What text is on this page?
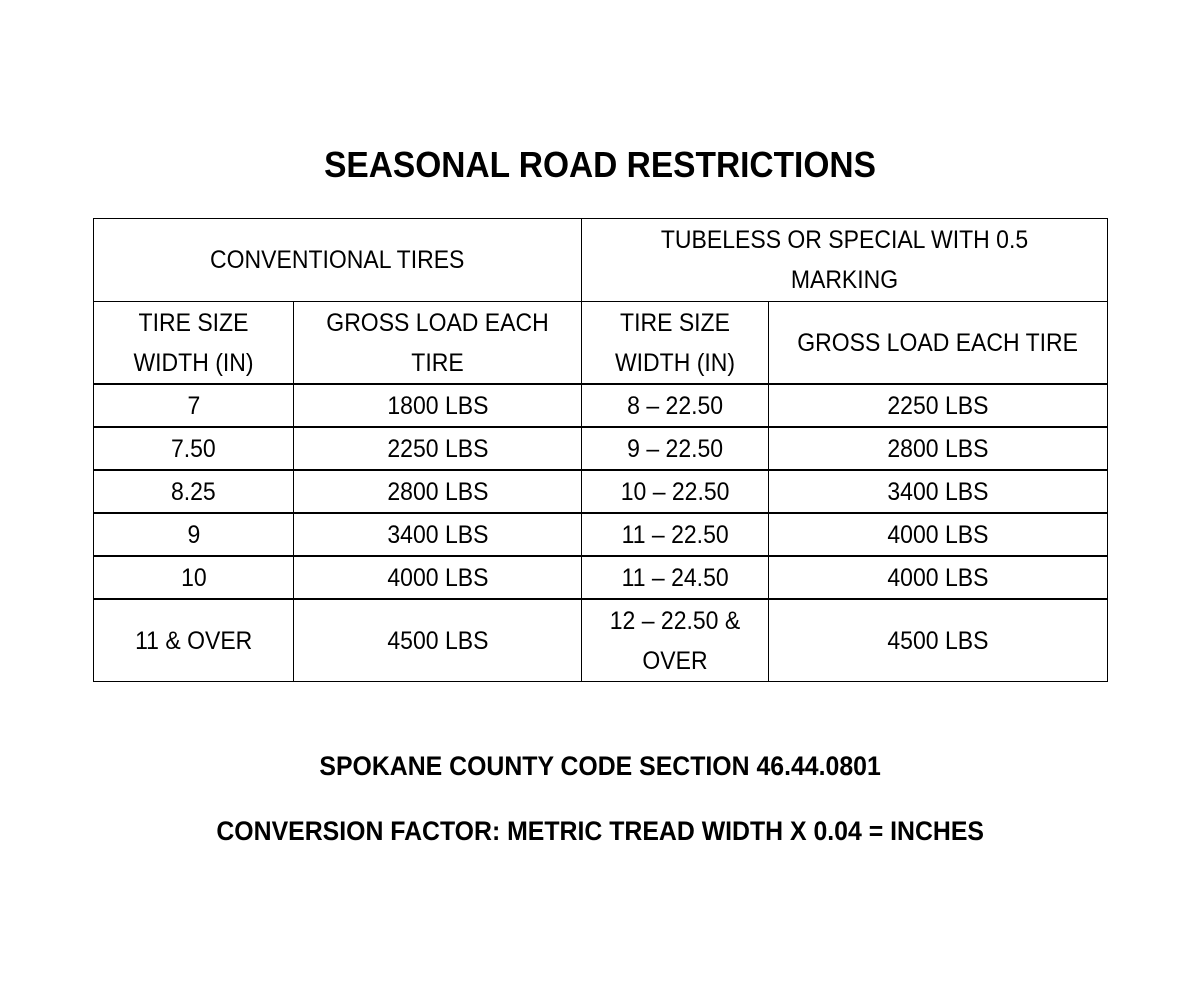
SEASONAL ROAD RESTRICTIONS
CONVENTIONAL TIRES		TUBELESS OR SPECIAL WITH 0.5 MARKING	
TIRE SIZE WIDTH (IN)	GROSS LOAD EACH TIRE	TIRE SIZE WIDTH (IN)	GROSS LOAD EACH TIRE
7	1800 LBS	8 – 22.50	2250 LBS
7.50	2250 LBS	9 – 22.50	2800 LBS
8.25	2800 LBS	10 – 22.50	3400 LBS
9	3400 LBS	11 – 22.50	4000 LBS
10	4000 LBS	11 – 24.50	4000 LBS
11 & OVER	4500 LBS	12 – 22.50 & OVER	4500 LBS
SPOKANE COUNTY CODE SECTION 46.44.0801
CONVERSION FACTOR: METRIC TREAD WIDTH X 0.04 = INCHES
